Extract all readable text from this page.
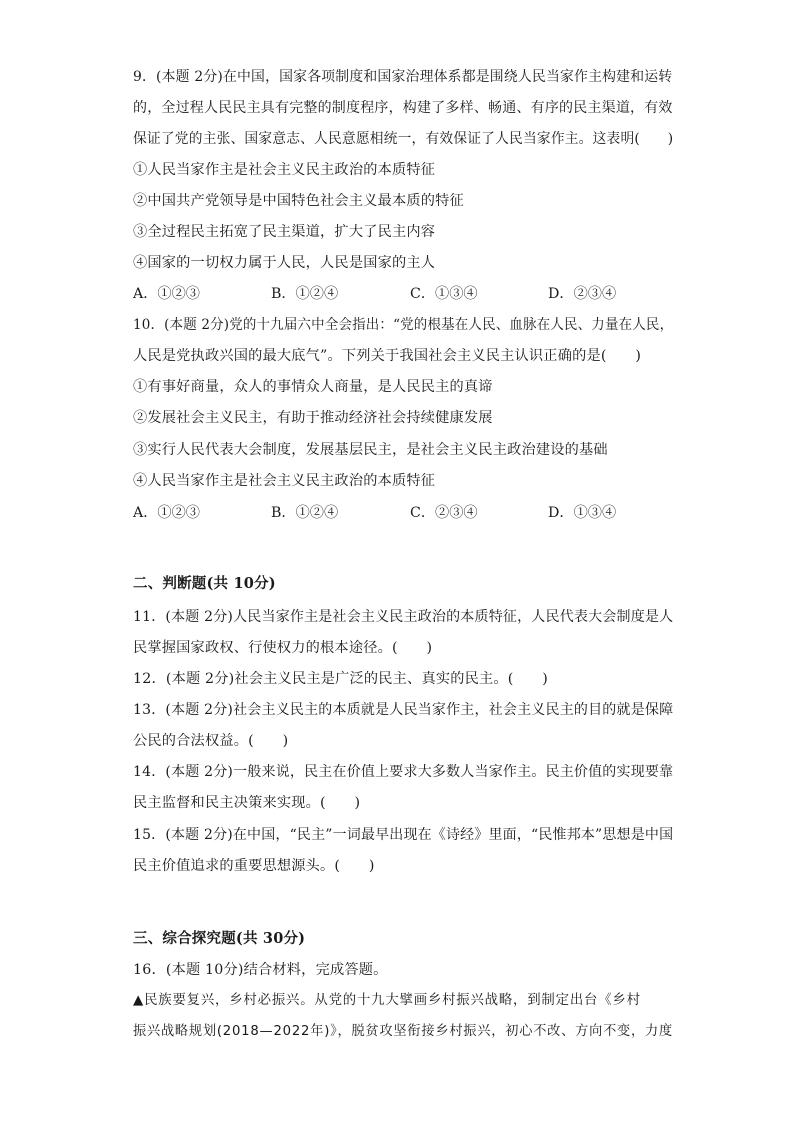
9．(本题 2分)在中国，国家各项制度和国家治理体系都是围绕人民当家作主构建和运转
的，全过程人民民主具有完整的制度程序，构建了多样、畅通、有序的民主渠道，有效
保证了党的主张、国家意志、人民意愿相统一，有效保证了人民当家作主。这表明(　　)
①人民当家作主是社会主义民主政治的本质特征
②中国共产党领导是中国特色社会主义最本质的特征
③全过程民主拓宽了民主渠道，扩大了民主内容
④国家的一切权力属于人民，人民是国家的主人
A．①②③	B．①②④	C．①③④	D．②③④
10．(本题 2分)党的十九届六中全会指出：“党的根基在人民、血脉在人民、力量在人民，
人民是党执政兴国的最大底气”。下列关于我国社会主义民主认识正确的是(　　)
①有事好商量，众人的事情众人商量，是人民民主的真谛
②发展社会主义民主，有助于推动经济社会持续健康发展
③实行人民代表大会制度，发展基层民主，是社会主义民主政治建设的基础
④人民当家作主是社会主义民主政治的本质特征
A．①②③	B．①②④	C．②③④	D．①③④
二、判断题(共 10分)
11．(本题 2分)人民当家作主是社会主义民主政治的本质特征，人民代表大会制度是人
民掌握国家政权、行使权力的根本途径。(　　)
12．(本题 2分)社会主义民主是广泛的民主、真实的民主。(　　)
13．(本题 2分)社会主义民主的本质就是人民当家作主，社会主义民主的目的就是保障
公民的合法权益。(　　)
14．(本题 2分)一般来说，民主在价值上要求大多数人当家作主。民主价值的实现要靠
民主监督和民主决策来实现。(　　)
15．(本题 2分)在中国，“民主”一词最早出现在《诗经》里面，“民惟邦本”思想是中国
民主价值追求的重要思想源头。(　　)
三、综合探究题(共 30分)
16．(本题 10分)结合材料，完成答题。
▲民族要复兴，乡村必振兴。从党的十九大擘画乡村振兴战略，到制定出台《乡村
振兴战略规划(2018—2022年)》，脱贫攻坚衔接乡村振兴，初心不改、方向不变，力度
